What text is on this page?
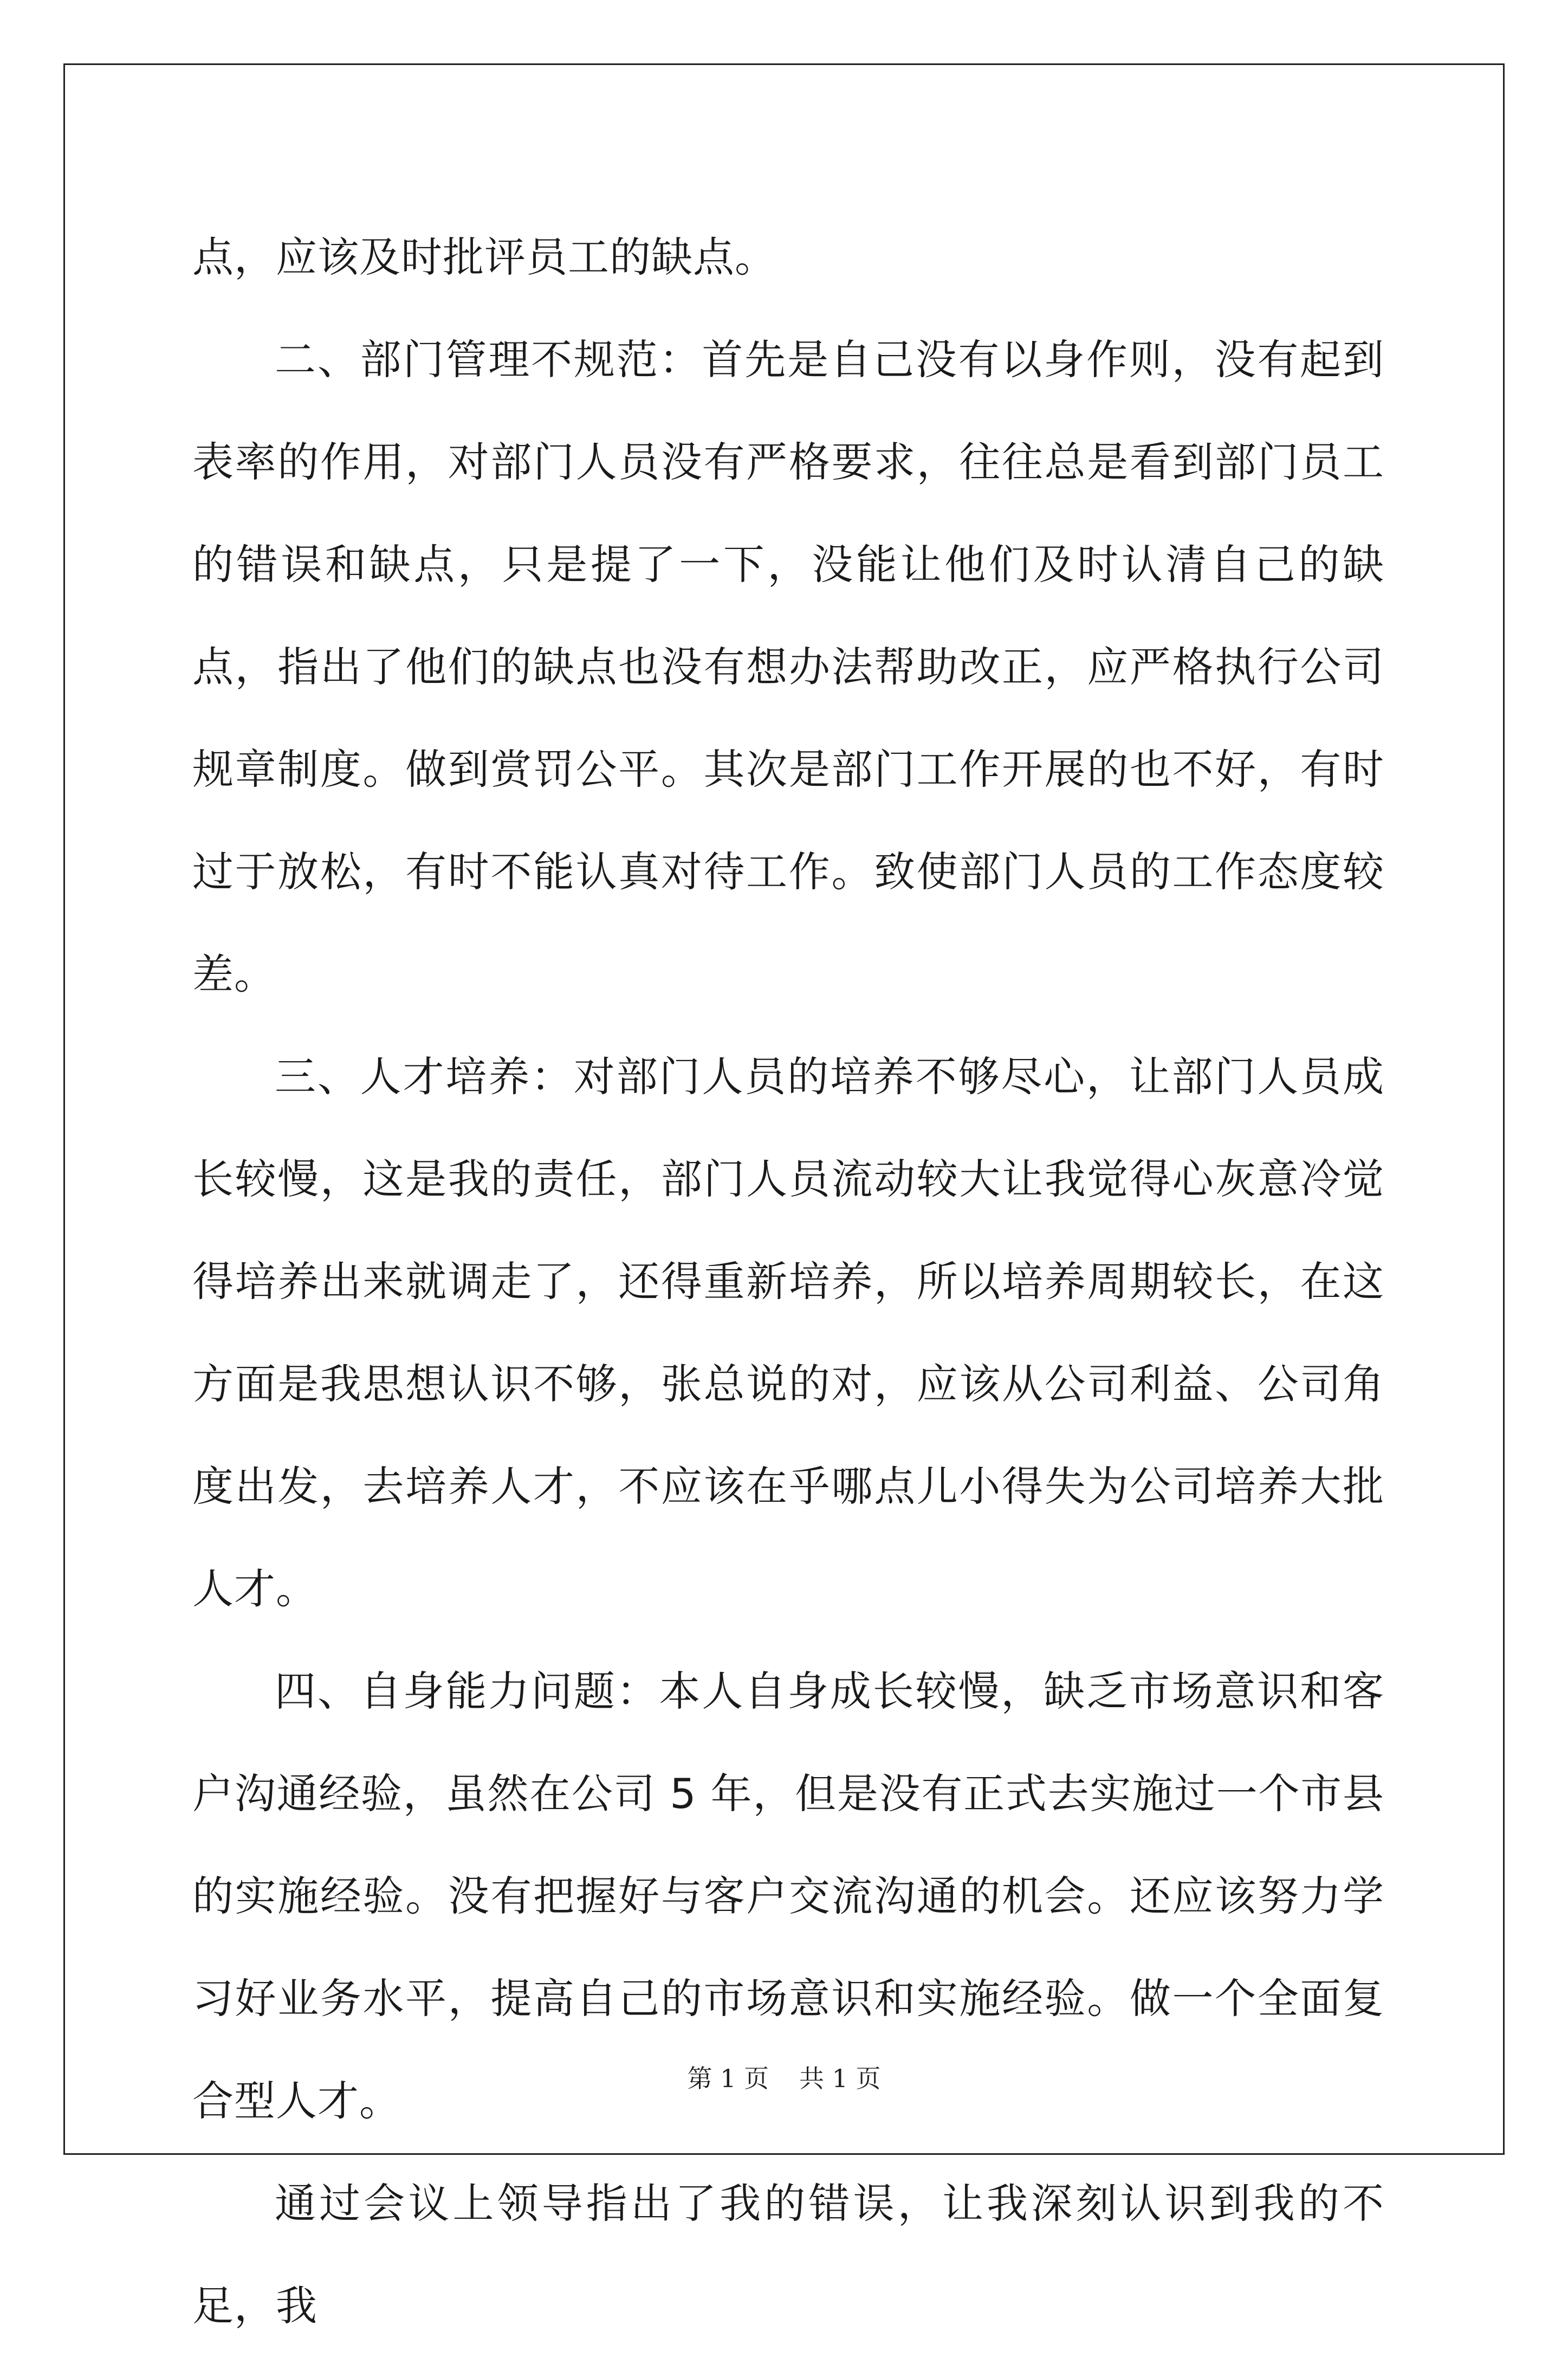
点，应该及时批评员工的缺点。

二、部门管理不规范：首先是自己没有以身作则，没有起到表率的作用，对部门人员没有严格要求，往往总是看到部门员工的错误和缺点，只是提了一下，没能让他们及时认清自己的缺点，指出了他们的缺点也没有想办法帮助改正，应严格执行公司规章制度。做到赏罚公平。其次是部门工作开展的也不好，有时过于放松，有时不能认真对待工作。致使部门人员的工作态度较差。

三、人才培养：对部门人员的培养不够尽心，让部门人员成长较慢，这是我的责任，部门人员流动较大让我觉得心灰意冷觉得培养出来就调走了，还得重新培养，所以培养周期较长，在这方面是我思想认识不够，张总说的对，应该从公司利益、公司角度出发，去培养人才，不应该在乎哪点儿小得失为公司培养大批人才。

四、自身能力问题：本人自身成长较慢，缺乏市场意识和客户沟通经验，虽然在公司 5 年，但是没有正式去实施过一个市县的实施经验。没有把握好与客户交流沟通的机会。还应该努力学习好业务水平，提高自己的市场意识和实施经验。做一个全面复合型人才。

通过会议上领导指出了我的错误，让我深刻认识到我的不足，我

第 1 页 共 1 页
